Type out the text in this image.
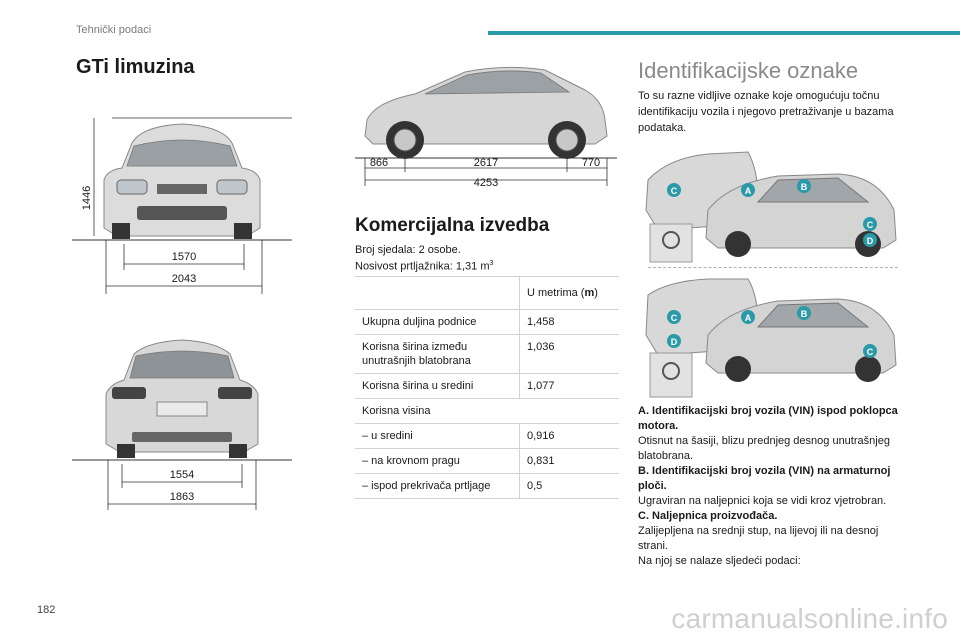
Tehnički podaci
GTi limuzina
1446
1570
2043
1554
1863
866	2617	770
4253
Komercijalna izvedba
Broj sjedala: 2 osobe.
Nosivost prtljažnika: 1,31 $m^3$
	U metrima (m)
Ukupna duljina podnice	1,458
Korisna širina između unutrašnjih blatobrana	1,036
Korisna širina u sredini	1,077
Korisna visina	
– u sredini	0,916
– na krovnom pragu	0,831
– ispod prekrivača prtljage	0,5
Identifikacijske oznake
To su razne vidljive oznake koje omogućuju točnu identifikaciju vozila i njegovo pretraživanje u bazama podataka.
C	A	B
C
D
C
D
A	B
C
A. Identifikacijski broj vozila (VIN) ispod poklopca motora.
Otisnut na šasiji, blizu prednjeg desnog unutrašnjeg blatobrana.
B. Identifikacijski broj vozila (VIN) na armaturnoj ploči.
Ugraviran na naljepnici koja se vidi kroz vjetrobran.
C. Naljepnica proizvođača.
Zalijepljena na srednji stup, na lijevoj ili na desnoj strani.
Na njoj se nalaze sljedeći podaci:
182	carmanualsonline.info
